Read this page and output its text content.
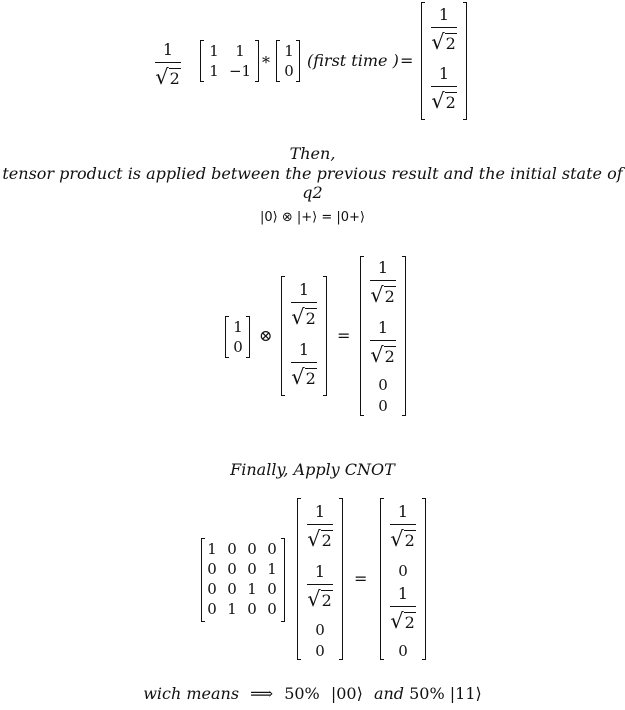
1
√2
1	1
1 −1 *
1
0
(first time ) =
1
√2
1
√2
Then,
tensor product is applied between the previous result and the initial state of q2
|0⟩ ⊗ |+⟩ = |0+⟩
1
0
⊗
1
√2
1
√2
=
1
√2
1
√2
0
0
Finally, Apply CNOT
1 0 0 0
0 0 0 1
0 0 1 0
0 1 0 0
1
√2
1
√2
0
0
=
1
√2
0
1
√2
0
wich means ⟹ 50% |00⟩ and 50% |11⟩
